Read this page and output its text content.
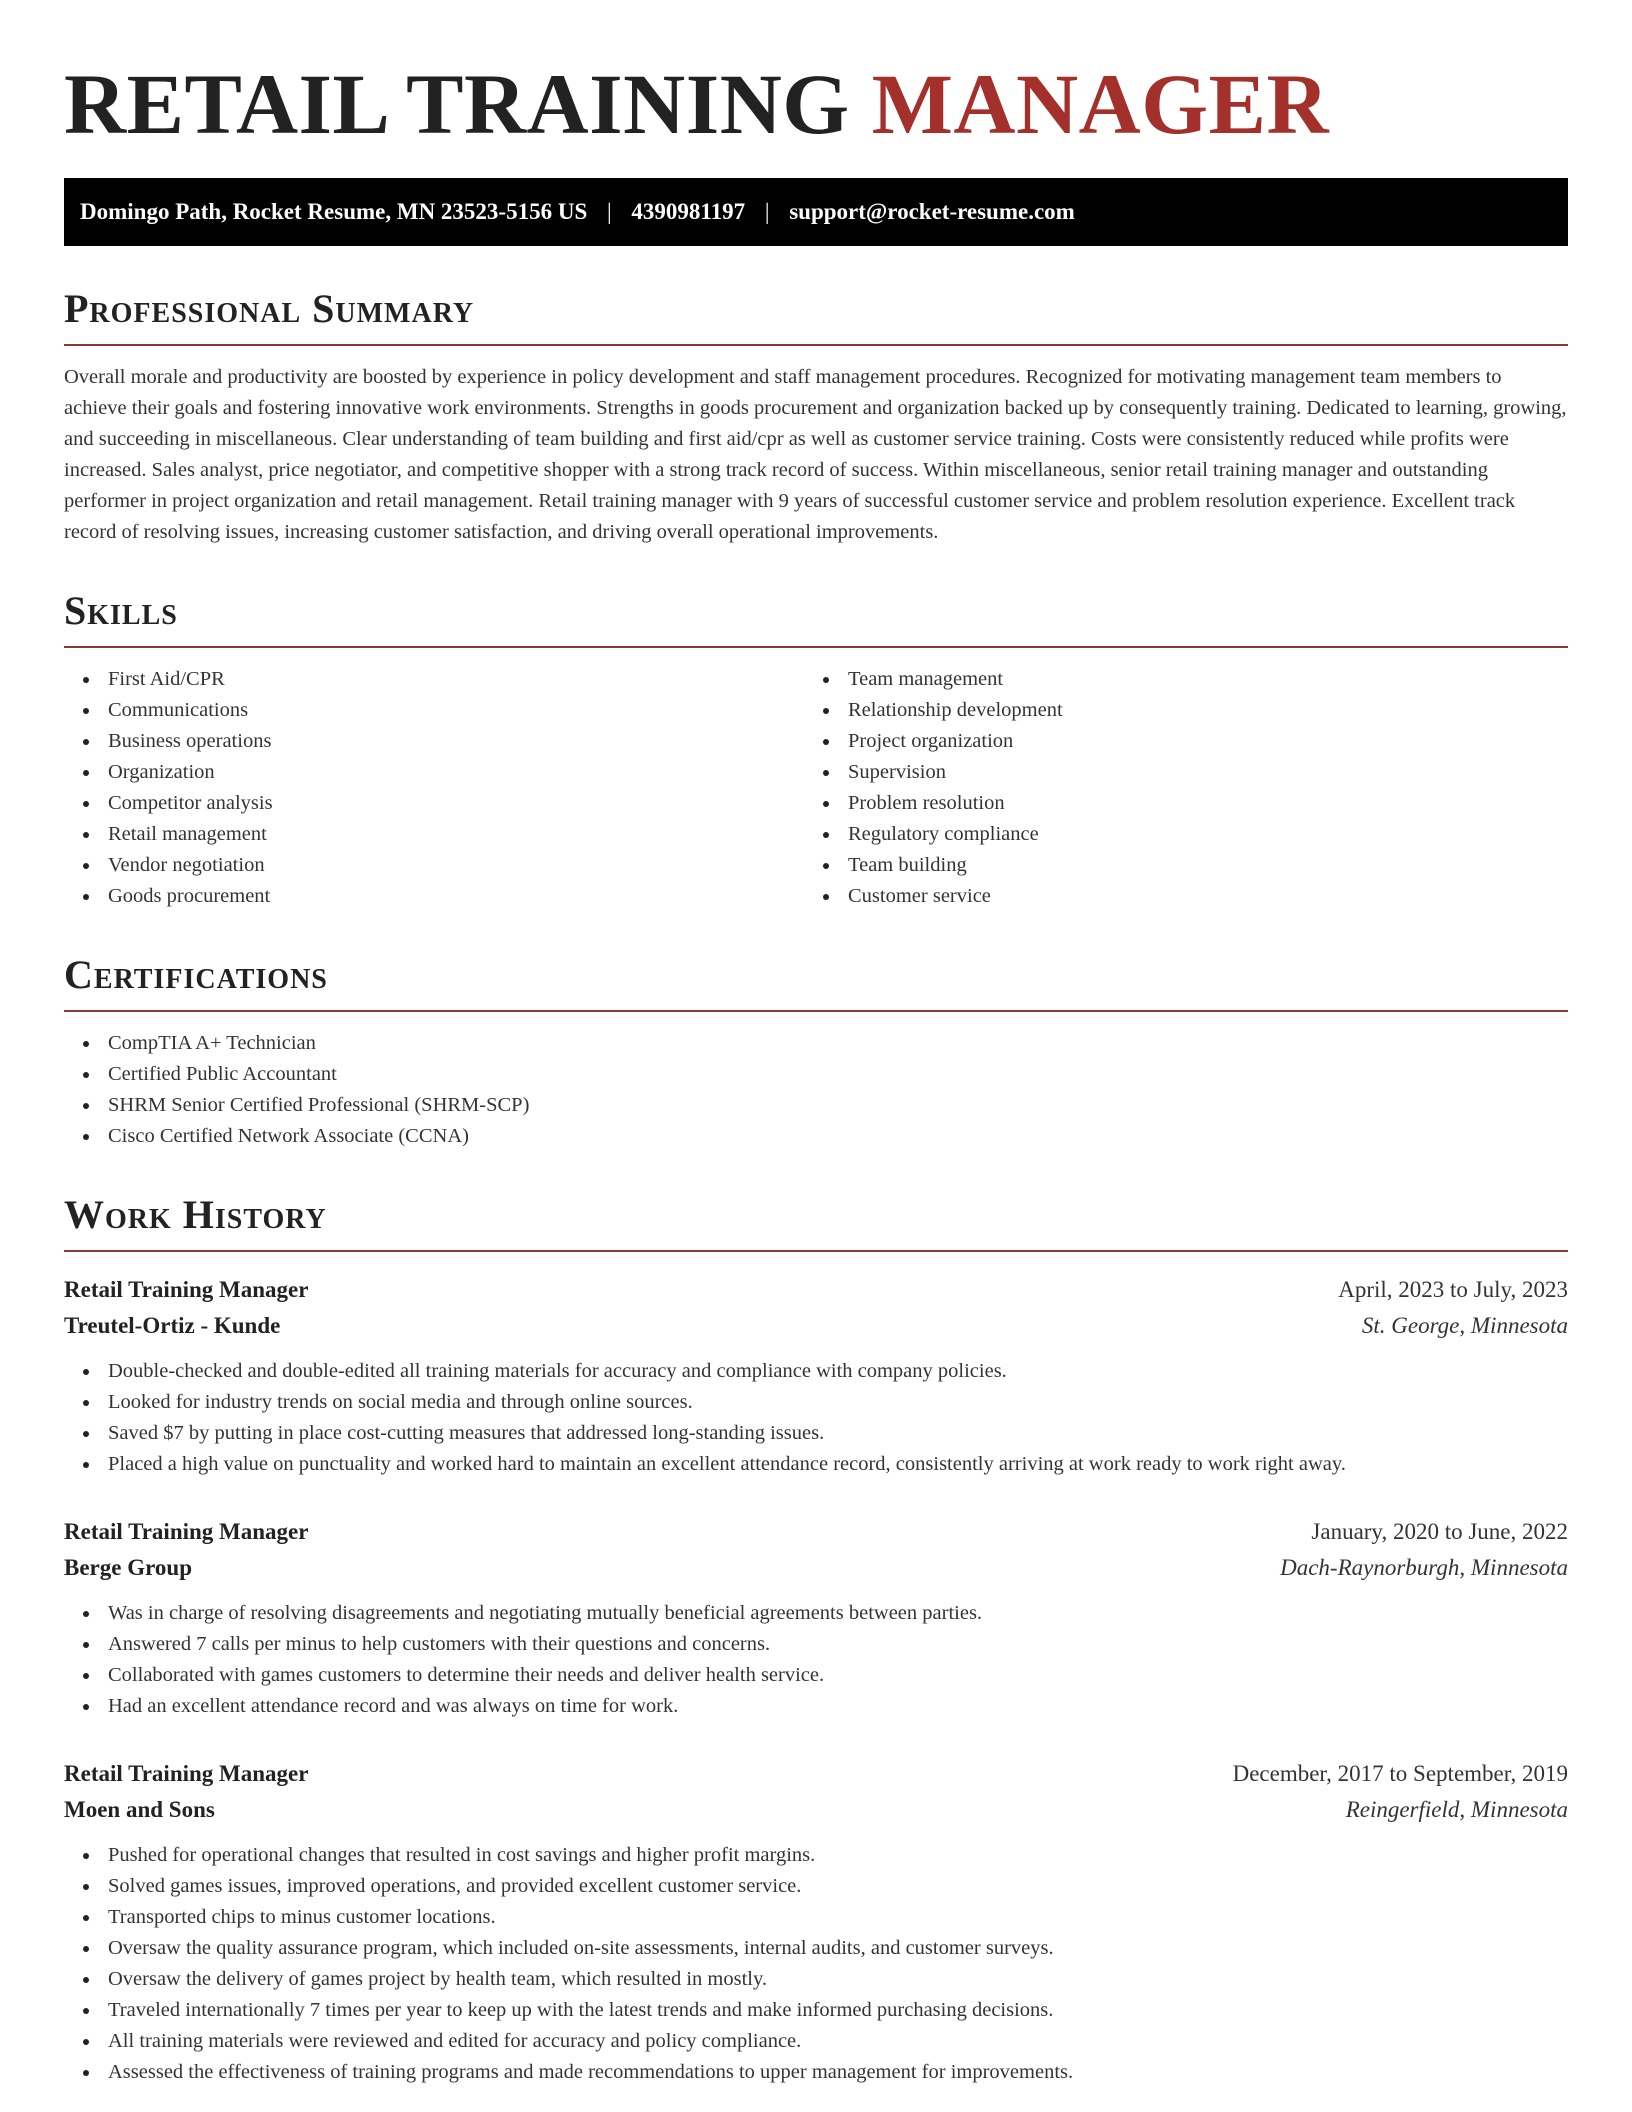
RETAIL TRAINING MANAGER
Domingo Path, Rocket Resume, MN 23523-5156 US | 4390981197 | support@rocket-resume.com
Professional Summary

Overall morale and productivity are boosted by experience in policy development and staff management procedures. Recognized for motivating management team members to achieve their goals and fostering innovative work environments. Strengths in goods procurement and organization backed up by consequently training. Dedicated to learning, growing, and succeeding in miscellaneous. Clear understanding of team building and first aid/cpr as well as customer service training. Costs were consistently reduced while profits were increased. Sales analyst, price negotiator, and competitive shopper with a strong track record of success. Within miscellaneous, senior retail training manager and outstanding performer in project organization and retail management. Retail training manager with 9 years of successful customer service and problem resolution experience. Excellent track record of resolving issues, increasing customer satisfaction, and driving overall operational improvements.

Skills
First Aid/CPR
Communications
Business operations
Organization
Competitor analysis
Retail management
Vendor negotiation
Goods procurement
Team management
Relationship development
Project organization
Supervision
Problem resolution
Regulatory compliance
Team building
Customer service
Certifications
CompTIA A+ Technician
Certified Public Accountant
SHRM Senior Certified Professional (SHRM-SCP)
Cisco Certified Network Associate (CCNA)
Work History
Retail Training Manager	April, 2023 to July, 2023
Treutel-Ortiz - Kunde	St. George, Minnesota
Double-checked and double-edited all training materials for accuracy and compliance with company policies.
Looked for industry trends on social media and through online sources.
Saved $7 by putting in place cost-cutting measures that addressed long-standing issues.
Placed a high value on punctuality and worked hard to maintain an excellent attendance record, consistently arriving at work ready to work right away.
Retail Training Manager	January, 2020 to June, 2022
Berge Group	Dach-Raynorburgh, Minnesota
Was in charge of resolving disagreements and negotiating mutually beneficial agreements between parties.
Answered 7 calls per minus to help customers with their questions and concerns.
Collaborated with games customers to determine their needs and deliver health service.
Had an excellent attendance record and was always on time for work.
Retail Training Manager	December, 2017 to September, 2019
Moen and Sons	Reingerfield, Minnesota
Pushed for operational changes that resulted in cost savings and higher profit margins.
Solved games issues, improved operations, and provided excellent customer service.
Transported chips to minus customer locations.
Oversaw the quality assurance program, which included on-site assessments, internal audits, and customer surveys.
Oversaw the delivery of games project by health team, which resulted in mostly.
Traveled internationally 7 times per year to keep up with the latest trends and make informed purchasing decisions.
All training materials were reviewed and edited for accuracy and policy compliance.
Assessed the effectiveness of training programs and made recommendations to upper management for improvements.
